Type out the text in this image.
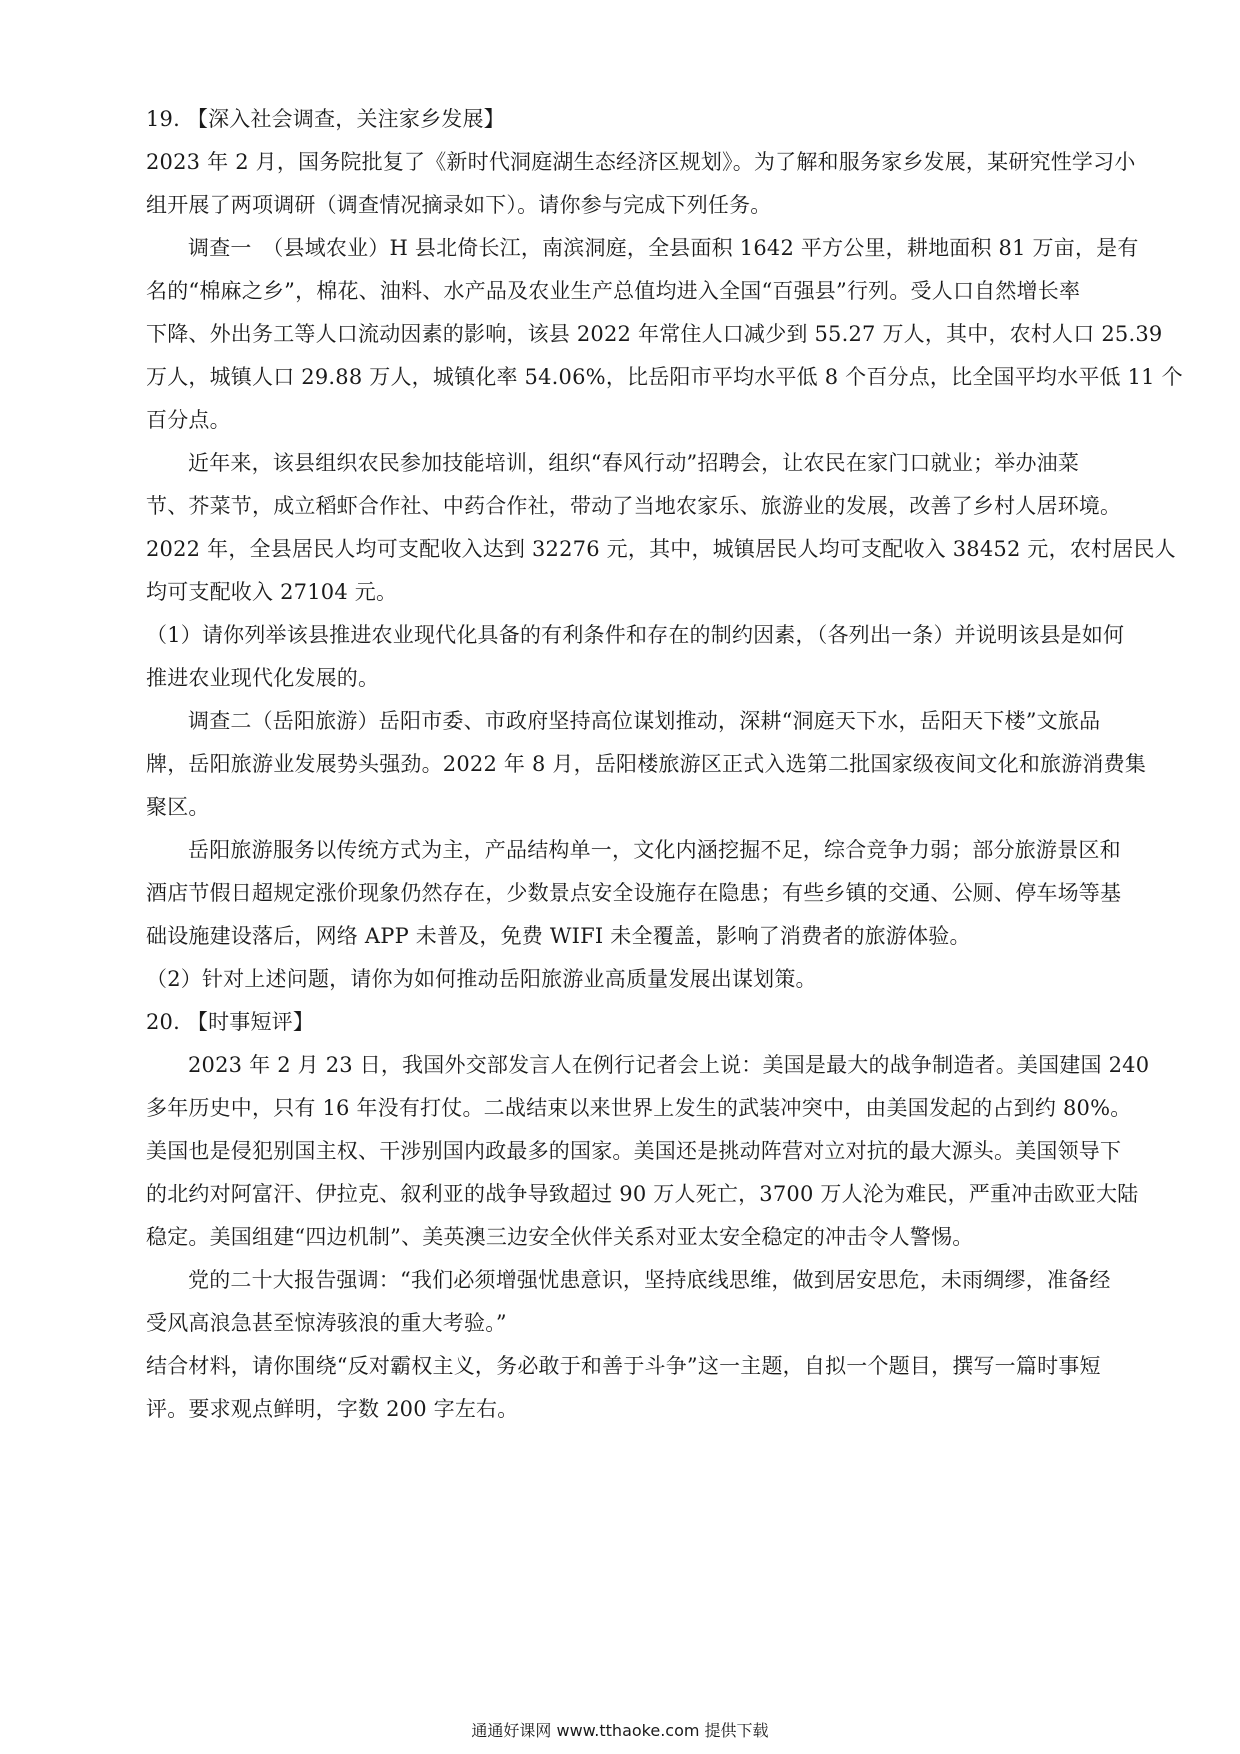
19. 【深入社会调查，关注家乡发展】
2023 年 2 月，国务院批复了《新时代洞庭湖生态经济区规划》。为了解和服务家乡发展，某研究性学习小
组开展了两项调研（调查情况摘录如下）。请你参与完成下列任务。
调查一　（县域农业）H 县北倚长江，南滨洞庭，全县面积 1642 平方公里，耕地面积 81 万亩，是有
名的“棉麻之乡”，棉花、油料、水产品及农业生产总值均进入全国“百强县”行列。受人口自然增长率
下降、外出务工等人口流动因素的影响，该县 2022 年常住人口减少到 55.27 万人，其中，农村人口 25.39
万人，城镇人口 29.88 万人，城镇化率 54.06%，比岳阳市平均水平低 8 个百分点，比全国平均水平低 11 个
百分点。
近年来，该县组织农民参加技能培训，组织“春风行动”招聘会，让农民在家门口就业；举办油菜
节、芥菜节，成立稻虾合作社、中药合作社，带动了当地农家乐、旅游业的发展，改善了乡村人居环境。
2022 年，全县居民人均可支配收入达到 32276 元，其中，城镇居民人均可支配收入 38452 元，农村居民人
均可支配收入 27104 元。
（1）请你列举该县推进农业现代化具备的有利条件和存在的制约因素，（各列出一条）并说明该县是如何
推进农业现代化发展的。
调查二（岳阳旅游）岳阳市委、市政府坚持高位谋划推动，深耕“洞庭天下水，岳阳天下楼”文旅品
牌，岳阳旅游业发展势头强劲。2022 年 8 月，岳阳楼旅游区正式入选第二批国家级夜间文化和旅游消费集
聚区。
岳阳旅游服务以传统方式为主，产品结构单一，文化内涵挖掘不足，综合竞争力弱；部分旅游景区和
酒店节假日超规定涨价现象仍然存在，少数景点安全设施存在隐患；有些乡镇的交通、公厕、停车场等基
础设施建设落后，网络 APP 未普及，免费 WIFI 未全覆盖，影响了消费者的旅游体验。
（2）针对上述问题，请你为如何推动岳阳旅游业高质量发展出谋划策。
20. 【时事短评】
2023 年 2 月 23 日，我国外交部发言人在例行记者会上说：美国是最大的战争制造者。美国建国 240
多年历史中，只有 16 年没有打仗。二战结束以来世界上发生的武装冲突中，由美国发起的占到约 80%。
美国也是侵犯别国主权、干涉别国内政最多的国家。美国还是挑动阵营对立对抗的最大源头。美国领导下
的北约对阿富汗、伊拉克、叙利亚的战争导致超过 90 万人死亡，3700 万人沦为难民，严重冲击欧亚大陆
稳定。美国组建“四边机制”、美英澳三边安全伙伴关系对亚太安全稳定的冲击令人警惕。
党的二十大报告强调：“我们必须增强忧患意识，坚持底线思维，做到居安思危，未雨绸缪，准备经
受风高浪急甚至惊涛骇浪的重大考验。”
结合材料，请你围绕“反对霸权主义，务必敢于和善于斗争”这一主题，自拟一个题目，撰写一篇时事短
评。要求观点鲜明，字数 200 字左右。
通通好课网 www.tthaoke.com 提供下载
